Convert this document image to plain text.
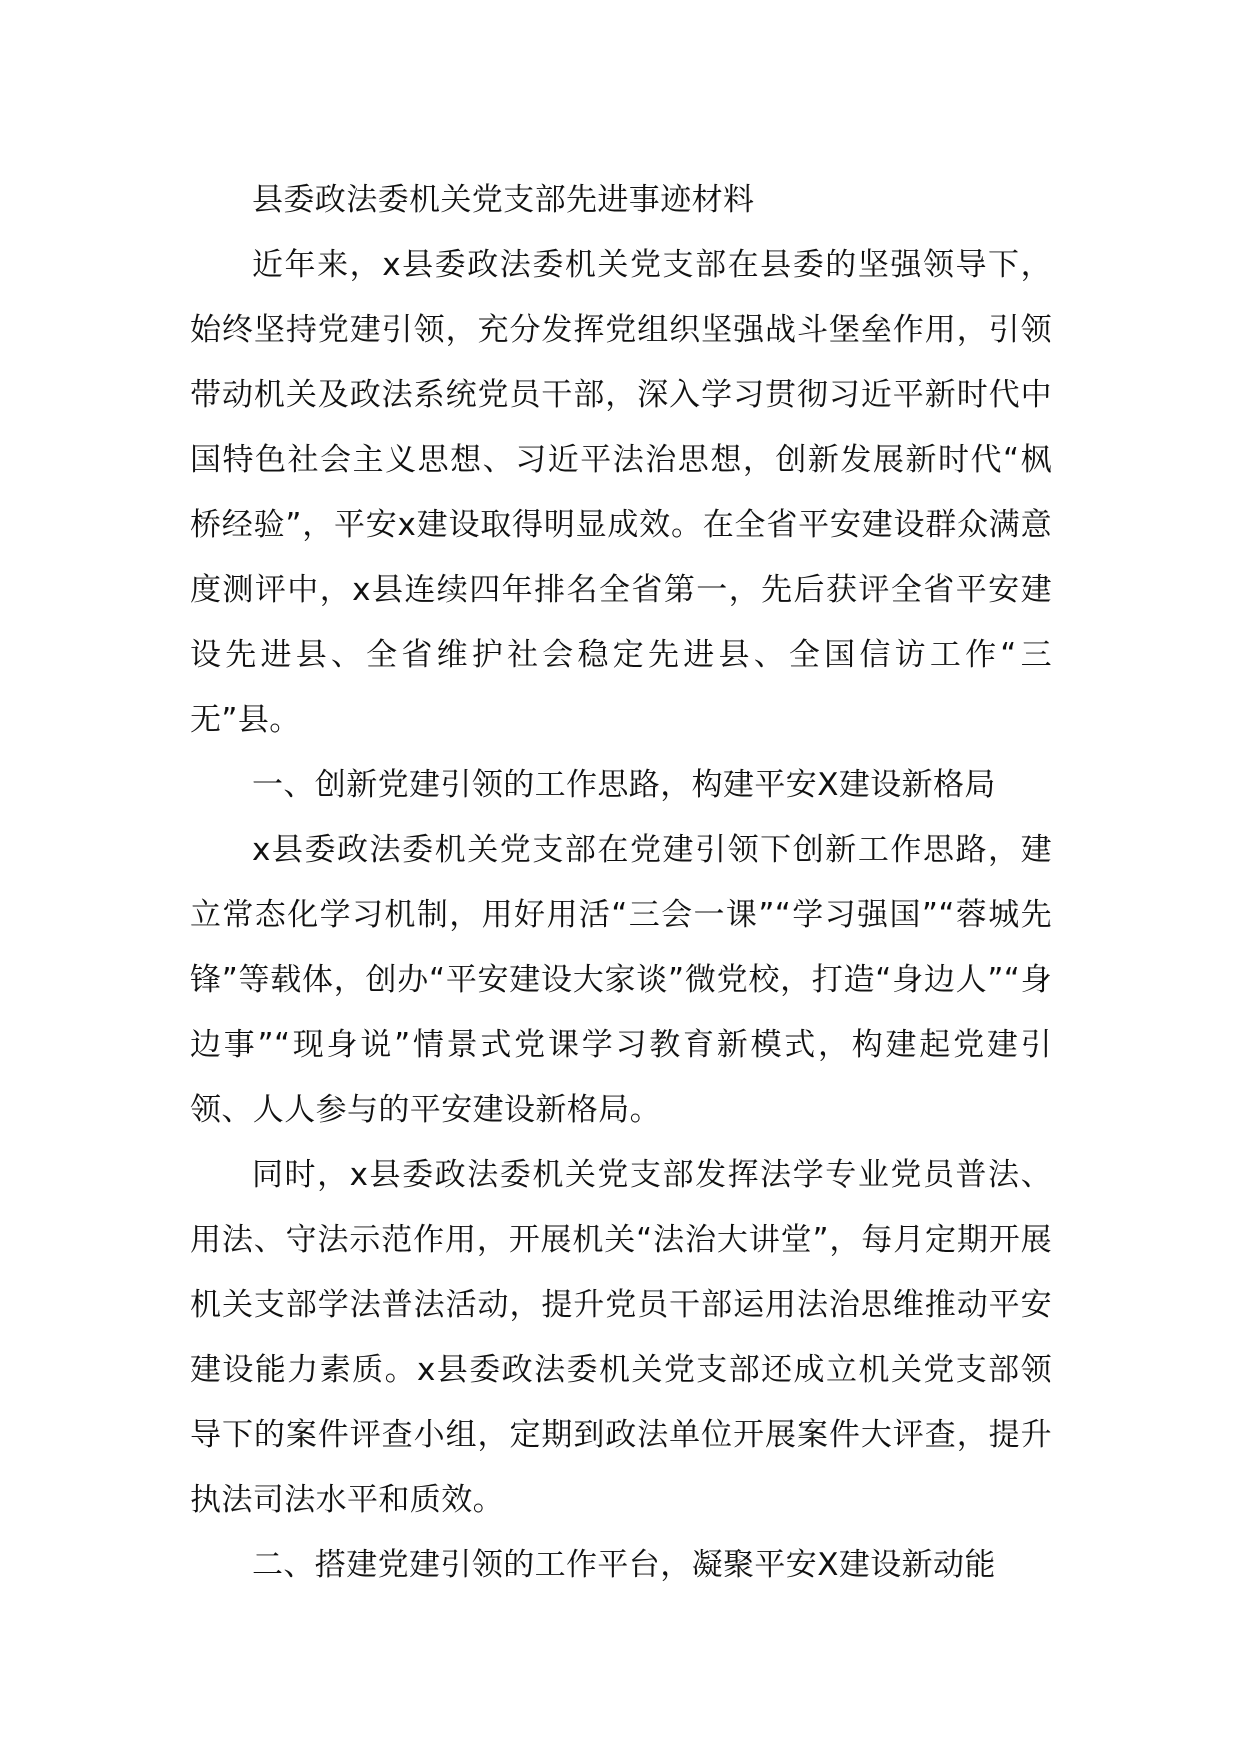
县委政法委机关党支部先进事迹材料

近年来，x县委政法委机关党支部在县委的坚强领导下，始终坚持党建引领，充分发挥党组织坚强战斗堡垒作用，引领带动机关及政法系统党员干部，深入学习贯彻习近平新时代中国特色社会主义思想、习近平法治思想，创新发展新时代“枫桥经验”，平安x建设取得明显成效。在全省平安建设群众满意度测评中，x县连续四年排名全省第一，先后获评全省平安建设先进县、全省维护社会稳定先进县、全国信访工作“三无”县。

一、创新党建引领的工作思路，构建平安X建设新格局

x县委政法委机关党支部在党建引领下创新工作思路，建立常态化学习机制，用好用活“三会一课”“学习强国”“蓉城先锋”等载体，创办“平安建设大家谈”微党校，打造“身边人”“身边事”“现身说”情景式党课学习教育新模式，构建起党建引领、人人参与的平安建设新格局。

同时，x县委政法委机关党支部发挥法学专业党员普法、用法、守法示范作用，开展机关“法治大讲堂”，每月定期开展机关支部学法普法活动，提升党员干部运用法治思维推动平安建设能力素质。x县委政法委机关党支部还成立机关党支部领导下的案件评查小组，定期到政法单位开展案件大评查，提升执法司法水平和质效。

二、搭建党建引领的工作平台，凝聚平安X建设新动能
